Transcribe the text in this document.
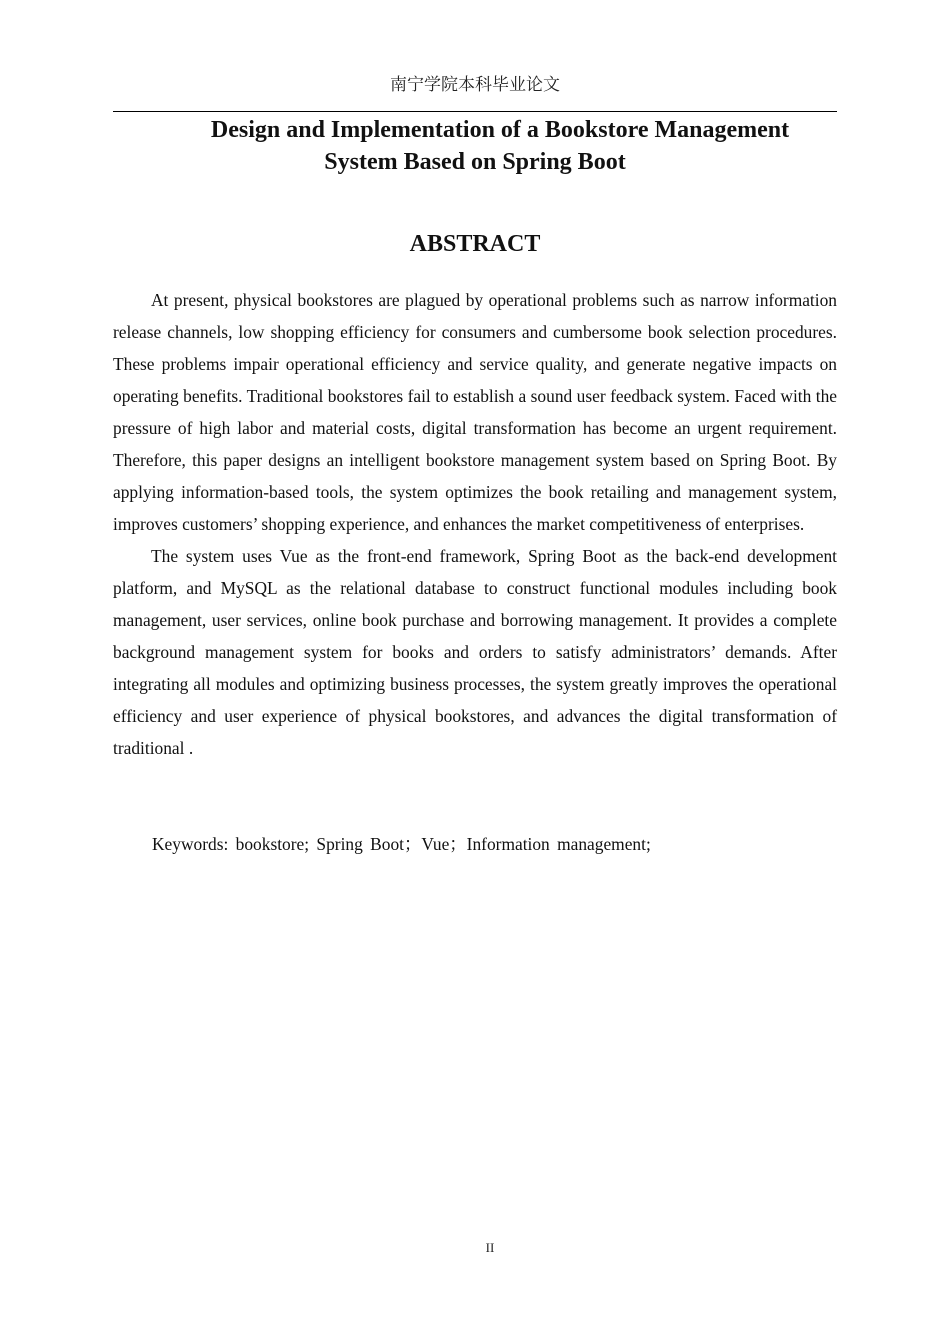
南宁学院本科毕业论文
Design and Implementation of a Bookstore Management
System Based on Spring Boot
ABSTRACT

At present, physical bookstores are plagued by operational problems such as narrow information release channels, low shopping efficiency for consumers and cumbersome book selection procedures. These problems impair operational efficiency and service quality, and generate negative impacts on operating benefits. Traditional bookstores fail to establish a sound user feedback system. Faced with the pressure of high labor and material costs, digital transformation has become an urgent requirement. Therefore, this paper designs an intelligent bookstore management system based on Spring Boot. By applying information-based tools, the system optimizes the book retailing and management system, improves customers’ shopping experience, and enhances the market competitiveness of enterprises.

The system uses Vue as the front-end framework, Spring Boot as the back-end development platform, and MySQL as the relational database to construct functional modules including book management, user services, online book purchase and borrowing management. It provides a complete background management system for books and orders to satisfy administrators’ demands. After integrating all modules and optimizing business processes, the system greatly improves the operational efficiency and user experience of physical bookstores, and advances the digital transformation of traditional .

Keywords: bookstore; Spring Boot；Vue；Information management;
II
